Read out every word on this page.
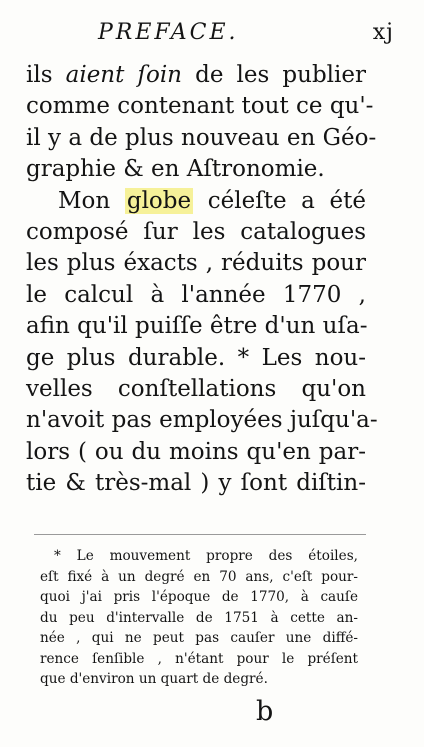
PREFACE.	xj
ils aient ſoin de les publier
comme contenant tout ce qu'-
il y a de plus nouveau en Géo-
graphie & en Aſtronomie.
Mon globe céleſte a été
composé ſur les catalogues
les plus éxacts , réduits pour
le calcul à l'année 1770 ,
afin qu'il puiſſe être d'un uſa-
ge plus durable. * Les nou-
velles conſtellations qu'on
n'avoit pas employées juſqu'a-
lors ( ou du moins qu'en par-
tie & très-mal ) y ſont diſtin-
* Le mouvement propre des étoiles,
eſt fixé à un degré en 70 ans, c'eſt pour-
quoi j'ai pris l'époque de 1770, à cauſe
du peu d'intervalle de 1751 à cette an-
née , qui ne peut pas cauſer une diffé-
rence ſenſible , n'étant pour le préſent
que d'environ un quart de degré.
b
